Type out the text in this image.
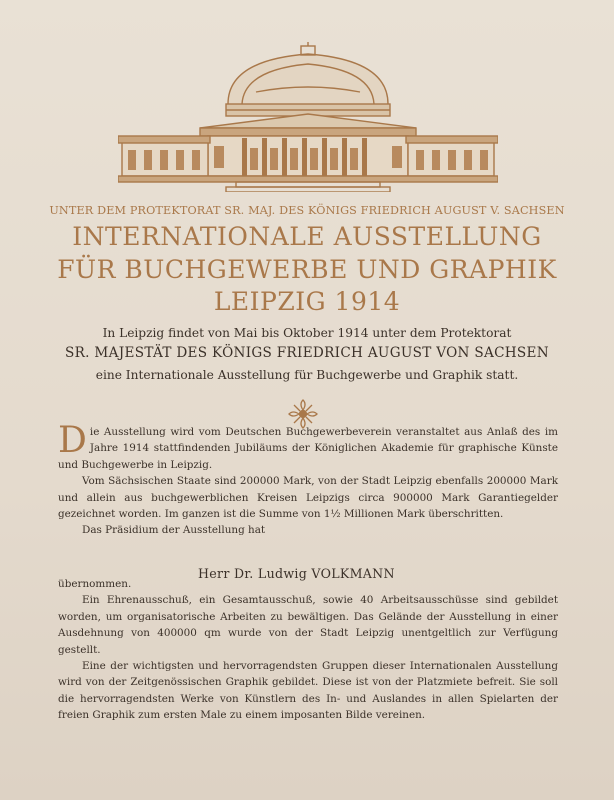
UNTER DEM PROTEKTORAT SR. MAJ. DES KÖNIGS FRIEDRICH AUGUST V. SACHSEN
INTERNATIONALE AUSSTELLUNG
FÜR BUCHGEWERBE UND GRAPHIK
LEIPZIG 1914
In Leipzig findet von Mai bis Oktober 1914 unter dem Protektorat
SR. MAJESTÄT DES KÖNIGS FRIEDRICH AUGUST VON SACHSEN
eine Internationale Ausstellung für Buchgewerbe und Graphik statt.

Die Ausstellung wird vom Deutschen Buchgewerbeverein veranstaltet aus Anlaß des im Jahre 1914 stattfindenden Jubiläums der Königlichen Akademie für graphische Künste und Buchgewerbe in Leipzig.

Vom Sächsischen Staate sind 200000 Mark, von der Stadt Leipzig ebenfalls 200000 Mark und allein aus buchgewerblichen Kreisen Leipzigs circa 900000 Mark Garantiegelder gezeichnet worden. Im ganzen ist die Summe von 1½ Millionen Mark überschritten.

Das Präsidium der Ausstellung hat

Herr Dr. Ludwig VOLKMANN

übernommen.

Ein Ehrenausschuß, ein Gesamtausschuß, sowie 40 Arbeitsausschüsse sind gebildet worden, um organisatorische Arbeiten zu bewältigen. Das Gelände der Ausstellung in einer Ausdehnung von 400000 qm wurde von der Stadt Leipzig unentgeltlich zur Verfügung gestellt.

Eine der wichtigsten und hervorragendsten Gruppen dieser Internationalen Ausstellung wird von der Zeitgenössischen Graphik gebildet. Diese ist von der Platzmiete befreit. Sie soll die hervorragendsten Werke von Künstlern des In- und Auslandes in allen Spielarten der freien Graphik zum ersten Male zu einem imposanten Bilde vereinen.
